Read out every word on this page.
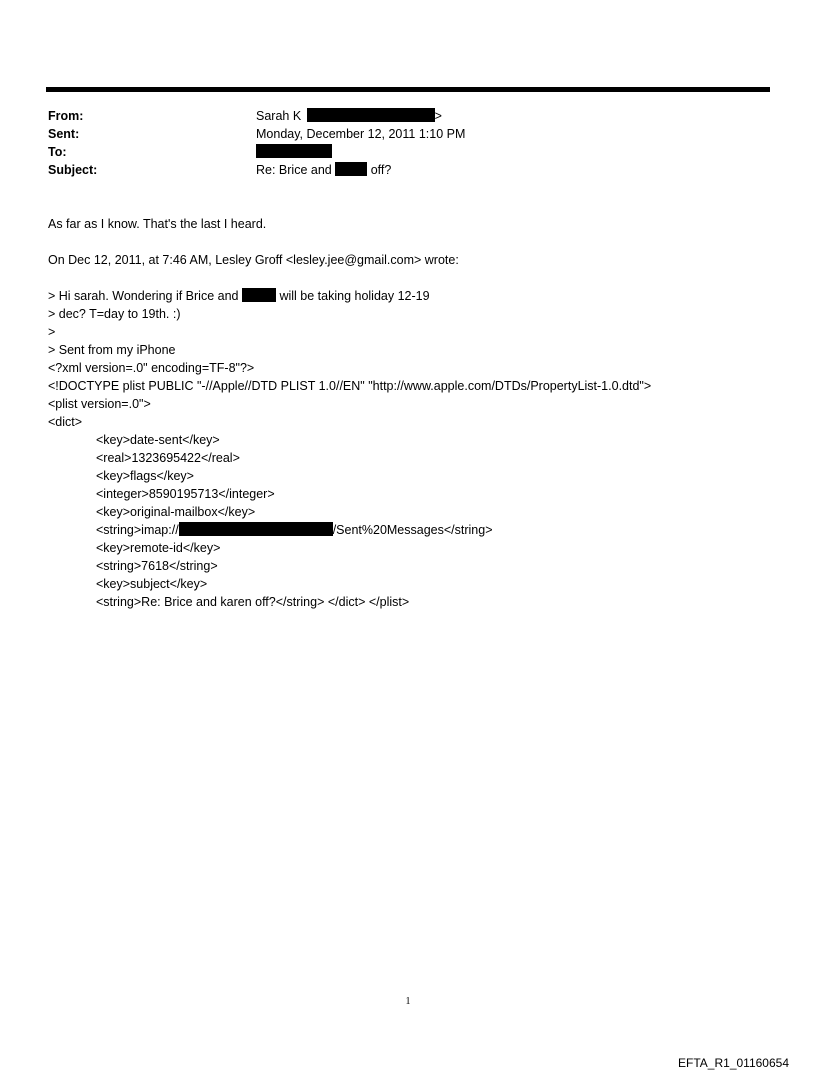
From:	Sarah K	>
Sent:	Monday, December 12, 2011 1:10 PM
To:
Subject:	Re: Brice and	off?
As far as I know. That's the last I heard.
On Dec 12, 2011, at 7:46 AM, Lesley Groff <lesley.jee@gmail.com> wrote:
> Hi sarah. Wondering if Brice and	will be taking holiday 12-19
> dec? T=day to 19th. :)
>
> Sent from my iPhone
<?xml version=.0" encoding=TF-8"?>
<!DOCTYPE plist PUBLIC "-//Apple//DTD PLIST 1.0//EN" "http://www.apple.com/DTDs/PropertyList-1.0.dtd">
<plist version=.0">
<dict>
<key>date-sent</key>
<real>1323695422</real>
<key>flags</key>
<integer>8590195713</integer>
<key>original-mailbox</key>
<string>imap://	/Sent%20Messages</string>
<key>remote-id</key>
<string>7618</string>
<key>subject</key>
<string>Re: Brice and karen off?</string> </dict> </plist>
1
EFTA_R1_01160654
